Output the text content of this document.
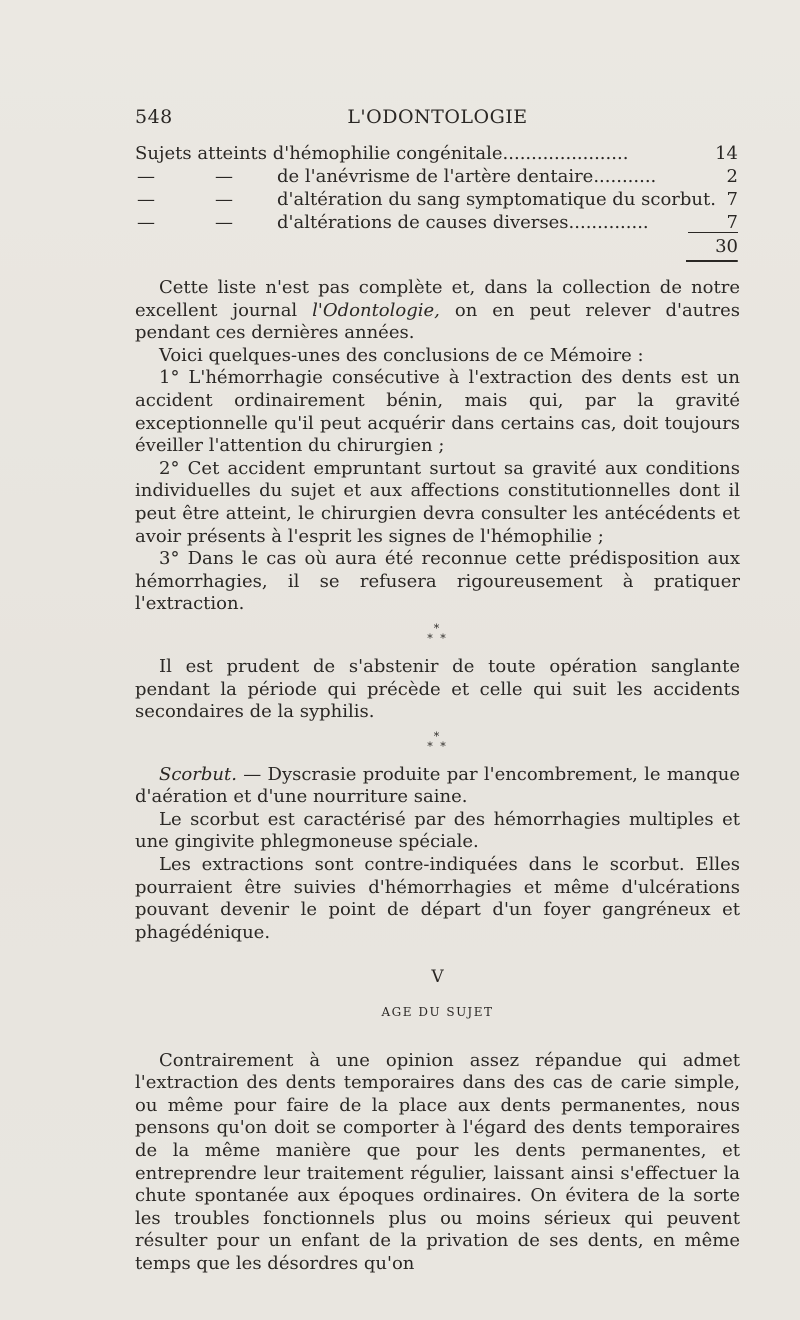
548	L'ODONTOLOGIE
Sujets atteints d'hémophilie congénitale......................	14
—	— de l'anévrisme de l'artère dentaire...........	2
—	— d'altération du sang symptomatique du scorbut. 7
—	— d'altérations de causes diverses..............	7
30

Cette liste n'est pas complète et, dans la collection de notre excellent journal l'Odontologie, on en peut relever d'autres pendant ces dernières années.

Voici quelques-unes des conclusions de ce Mémoire :

1° L'hémorrhagie consécutive à l'extraction des dents est un accident ordinairement bénin, mais qui, par la gravité exceptionnelle qu'il peut acquérir dans certains cas, doit toujours éveiller l'attention du chirurgien ;

2° Cet accident empruntant surtout sa gravité aux conditions individuelles du sujet et aux affections constitutionnelles dont il peut être atteint, le chirurgien devra consulter les antécédents et avoir présents à l'esprit les signes de l'hémophilie ;

3° Dans le cas où aura été reconnue cette prédisposition aux hémorrhagies, il se refusera rigoureusement à pratiquer l'extraction.

*
* *

Il est prudent de s'abstenir de toute opération sanglante pendant la période qui précède et celle qui suit les accidents secondaires de la syphilis.

*
* *

Scorbut. — Dyscrasie produite par l'encombrement, le manque d'aération et d'une nourriture saine.

Le scorbut est caractérisé par des hémorrhagies multiples et une gingivite phlegmoneuse spéciale.

Les extractions sont contre-indiquées dans le scorbut. Elles pourraient être suivies d'hémorrhagies et même d'ulcérations pouvant devenir le point de départ d'un foyer gangréneux et phagédénique.

V
AGE DU SUJET

Contrairement à une opinion assez répandue qui admet l'extraction des dents temporaires dans des cas de carie simple, ou même pour faire de la place aux dents permanentes, nous pensons qu'on doit se comporter à l'égard des dents temporaires de la même manière que pour les dents permanentes, et entreprendre leur traitement régulier, laissant ainsi s'effectuer la chute spontanée aux époques ordinaires. On évitera de la sorte les troubles fonctionnels plus ou moins sérieux qui peuvent résulter pour un enfant de la privation de ses dents, en même temps que les désordres qu'on
